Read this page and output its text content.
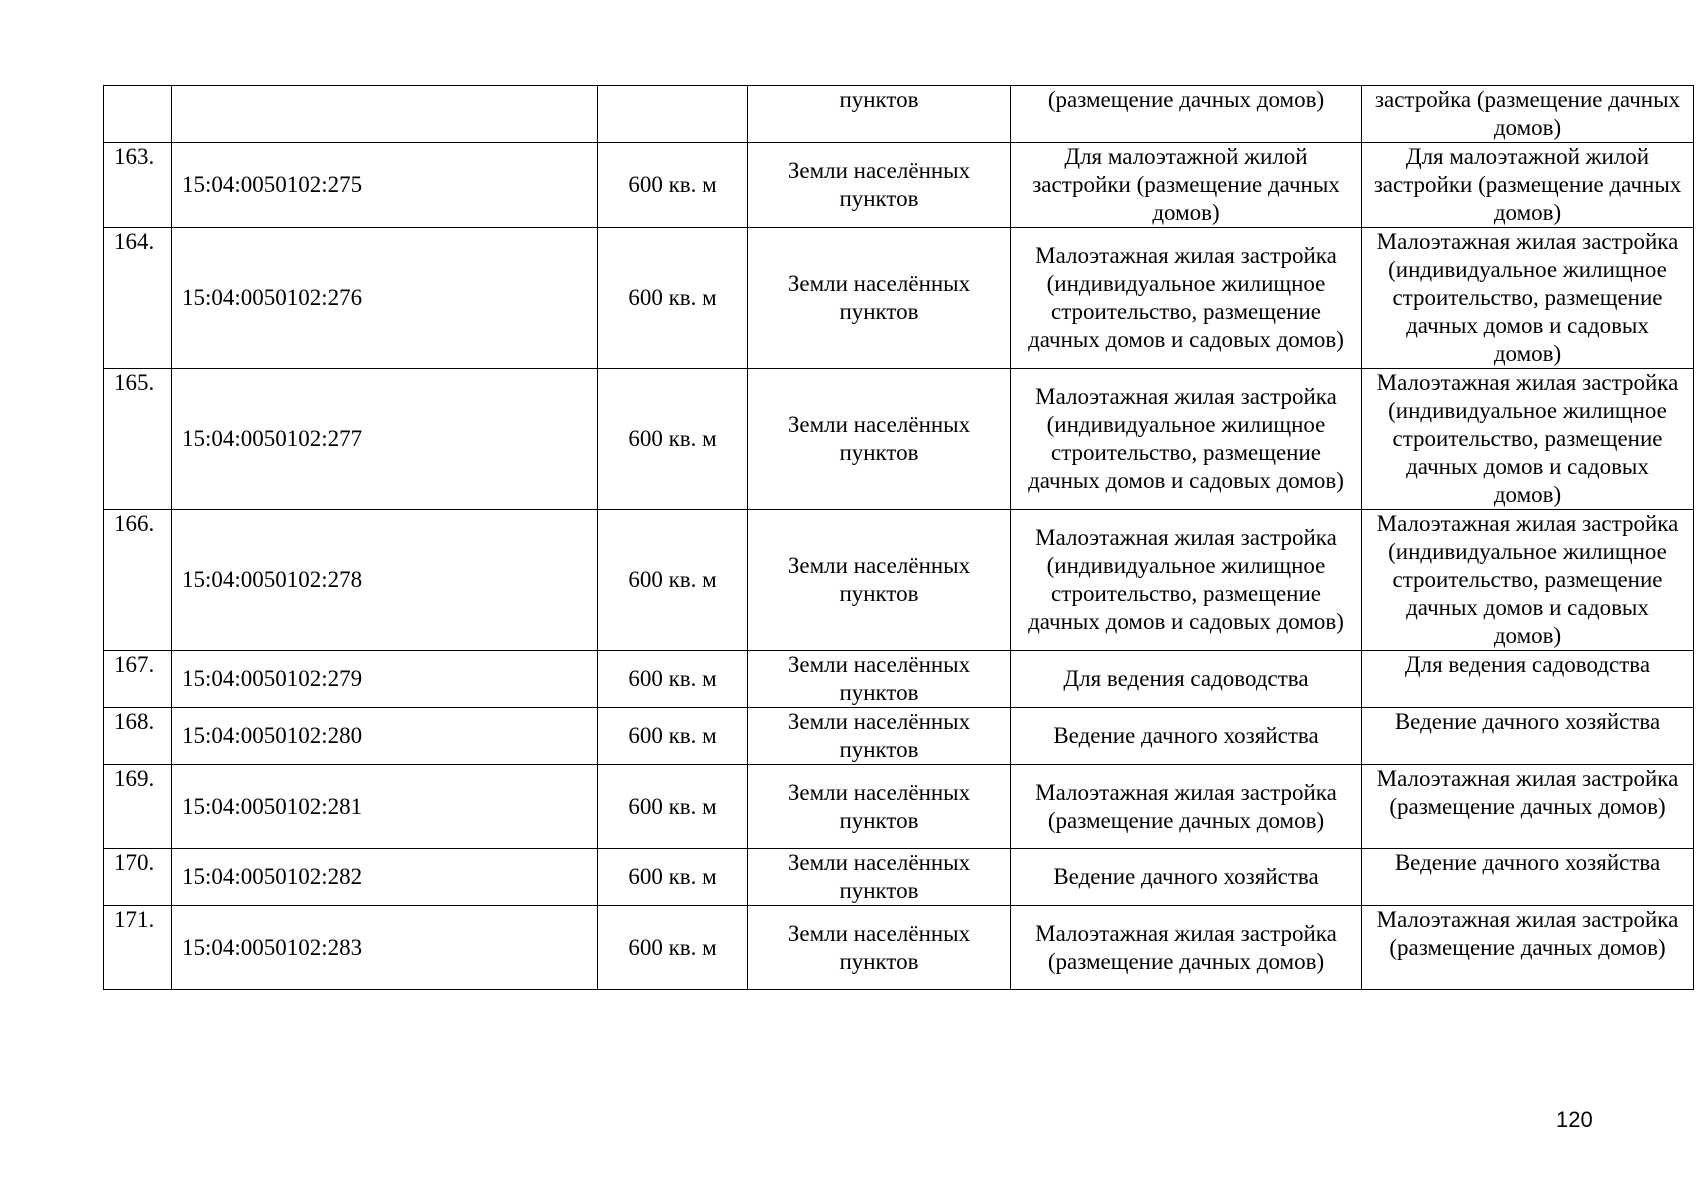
			пунктов	(размещение дачных домов)	застройка (размещение дачных домов)
163.	15:04:0050102:275	600 кв. м	Земли населённых пунктов	Для малоэтажной жилой застройки (размещение дачных домов)	Для малоэтажной жилой застройки (размещение дачных домов)
164.	15:04:0050102:276	600 кв. м	Земли населённых пунктов	Малоэтажная жилая застройка (индивидуальное жилищное строительство, размещение дачных домов и садовых домов)	Малоэтажная жилая застройка (индивидуальное жилищное строительство, размещение дачных домов и садовых домов)
165.	15:04:0050102:277	600 кв. м	Земли населённых пунктов	Малоэтажная жилая застройка (индивидуальное жилищное строительство, размещение дачных домов и садовых домов)	Малоэтажная жилая застройка (индивидуальное жилищное строительство, размещение дачных домов и садовых домов)
166.	15:04:0050102:278	600 кв. м	Земли населённых пунктов	Малоэтажная жилая застройка (индивидуальное жилищное строительство, размещение дачных домов и садовых домов)	Малоэтажная жилая застройка (индивидуальное жилищное строительство, размещение дачных домов и садовых домов)
167.	15:04:0050102:279	600 кв. м	Земли населённых пунктов	Для ведения садоводства	Для ведения садоводства
168.	15:04:0050102:280	600 кв. м	Земли населённых пунктов	Ведение дачного хозяйства	Ведение дачного хозяйства
169.	15:04:0050102:281	600 кв. м	Земли населённых пунктов	Малоэтажная жилая застройка (размещение дачных домов)	Малоэтажная жилая застройка (размещение дачных домов)
170.	15:04:0050102:282	600 кв. м	Земли населённых пунктов	Ведение дачного хозяйства	Ведение дачного хозяйства
171.	15:04:0050102:283	600 кв. м	Земли населённых пунктов	Малоэтажная жилая застройка (размещение дачных домов)	Малоэтажная жилая застройка (размещение дачных домов)
120
